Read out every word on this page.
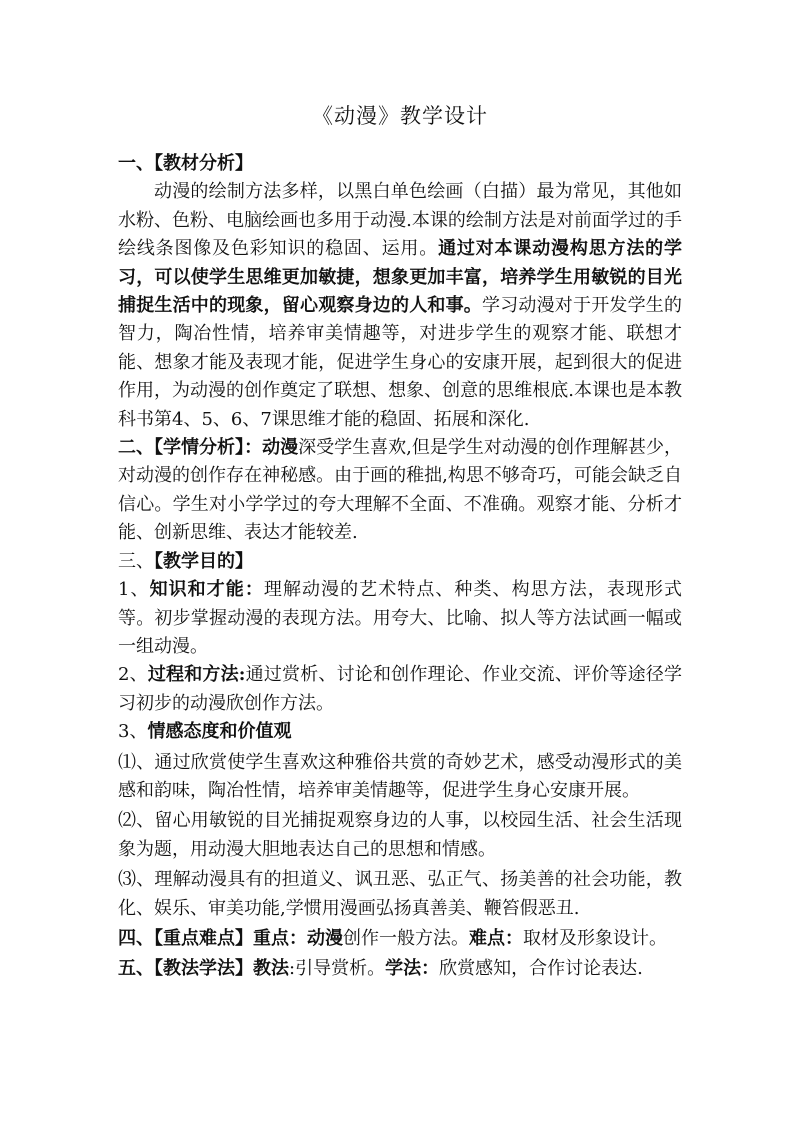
《动漫》教学设计

一、【教材分析】

动漫的绘制方法多样，以黑白单色绘画（白描）最为常见，其他如水粉、色粉、电脑绘画也多用于动漫.本课的绘制方法是对前面学过的手绘线条图像及色彩知识的稳固、运用。通过对本课动漫构思方法的学习，可以使学生思维更加敏捷，想象更加丰富，培养学生用敏锐的目光捕捉生活中的现象，留心观察身边的人和事。学习动漫对于开发学生的智力，陶冶性情，培养审美情趣等，对进步学生的观察才能、联想才能、想象才能及表现才能，促进学生身心的安康开展，起到很大的促进作用，为动漫的创作奠定了联想、想象、创意的思维根底.本课也是本教科书第4、5、6、7课思维才能的稳固、拓展和深化.

二、【学情分析】：动漫深受学生喜欢,但是学生对动漫的创作理解甚少，对动漫的创作存在神秘感。由于画的稚拙,构思不够奇巧，可能会缺乏自信心。学生对小学学过的夸大理解不全面、不准确。观察才能、分析才能、创新思维、表达才能较差.

三、【教学目的】

1、知识和才能：理解动漫的艺术特点、种类、构思方法，表现形式等。初步掌握动漫的表现方法。用夸大、比喻、拟人等方法试画一幅或一组动漫。

2、过程和方法:通过赏析、讨论和创作理论、作业交流、评价等途径学习初步的动漫欣创作方法。

3、情感态度和价值观

⑴、通过欣赏使学生喜欢这种雅俗共赏的奇妙艺术，感受动漫形式的美感和韵味，陶冶性情，培养审美情趣等，促进学生身心安康开展。

⑵、留心用敏锐的目光捕捉观察身边的人事，以校园生活、社会生活现象为题，用动漫大胆地表达自己的思想和情感。

⑶、理解动漫具有的担道义、讽丑恶、弘正气、扬美善的社会功能，教化、娱乐、审美功能,学惯用漫画弘扬真善美、鞭笞假恶丑.

四、【重点难点】重点：动漫创作一般方法。难点：取材及形象设计。

五、【教法学法】教法:引导赏析。学法：欣赏感知，合作讨论表达.
